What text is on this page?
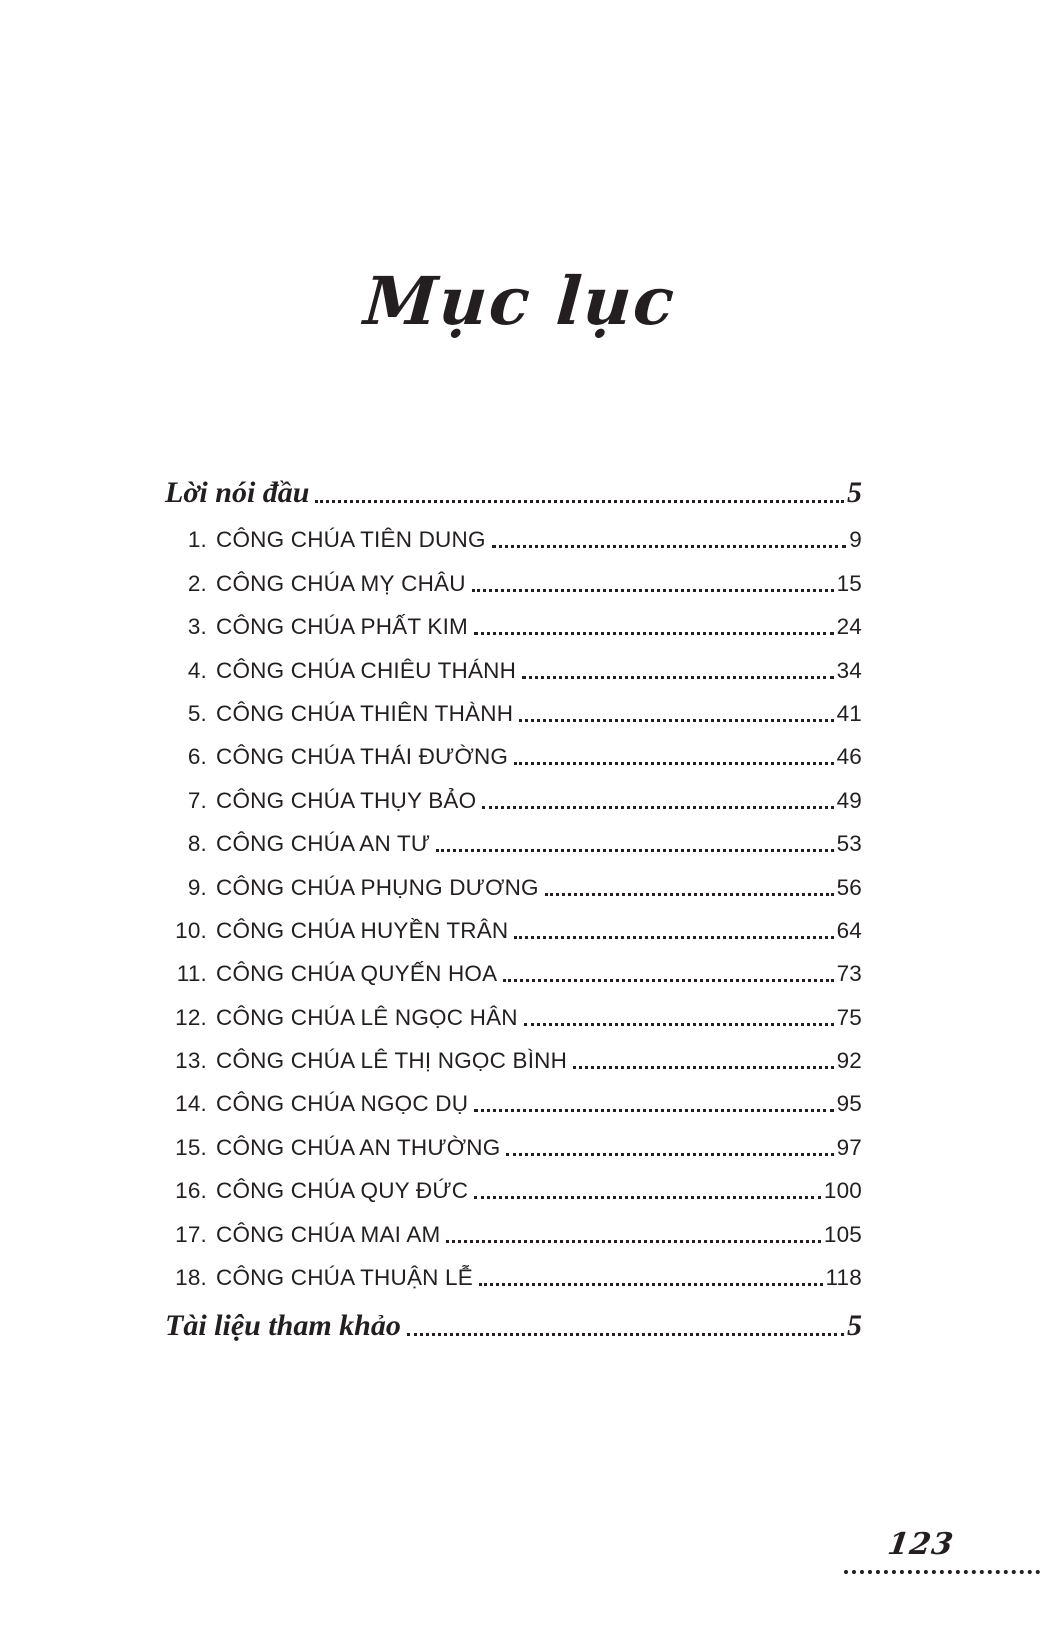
Mục lục
Lời nói đầu	5
1. CÔNG CHÚA TIÊN DUNG	9
2. CÔNG CHÚA MỴ CHÂU	15
3. CÔNG CHÚA PHẤT KIM	24
4. CÔNG CHÚA CHIÊU THÁNH	34
5. CÔNG CHÚA THIÊN THÀNH	41
6. CÔNG CHÚA THÁI ĐƯỜNG	46
7. CÔNG CHÚA THỤY BẢO	49
8. CÔNG CHÚA AN TƯ	53
9. CÔNG CHÚA PHỤNG DƯƠNG	56
10. CÔNG CHÚA HUYỀN TRÂN	64
11. CÔNG CHÚA QUYẾN HOA	73
12. CÔNG CHÚA LÊ NGỌC HÂN	75
13. CÔNG CHÚA LÊ THỊ NGỌC BÌNH	92
14. CÔNG CHÚA NGỌC DỤ	95
15. CÔNG CHÚA AN THƯỜNG	97
16. CÔNG CHÚA QUY ĐỨC	100
17. CÔNG CHÚA MAI AM	105
18. CÔNG CHÚA THUẬN LỄ	118
Tài liệu tham khảo	5
123
